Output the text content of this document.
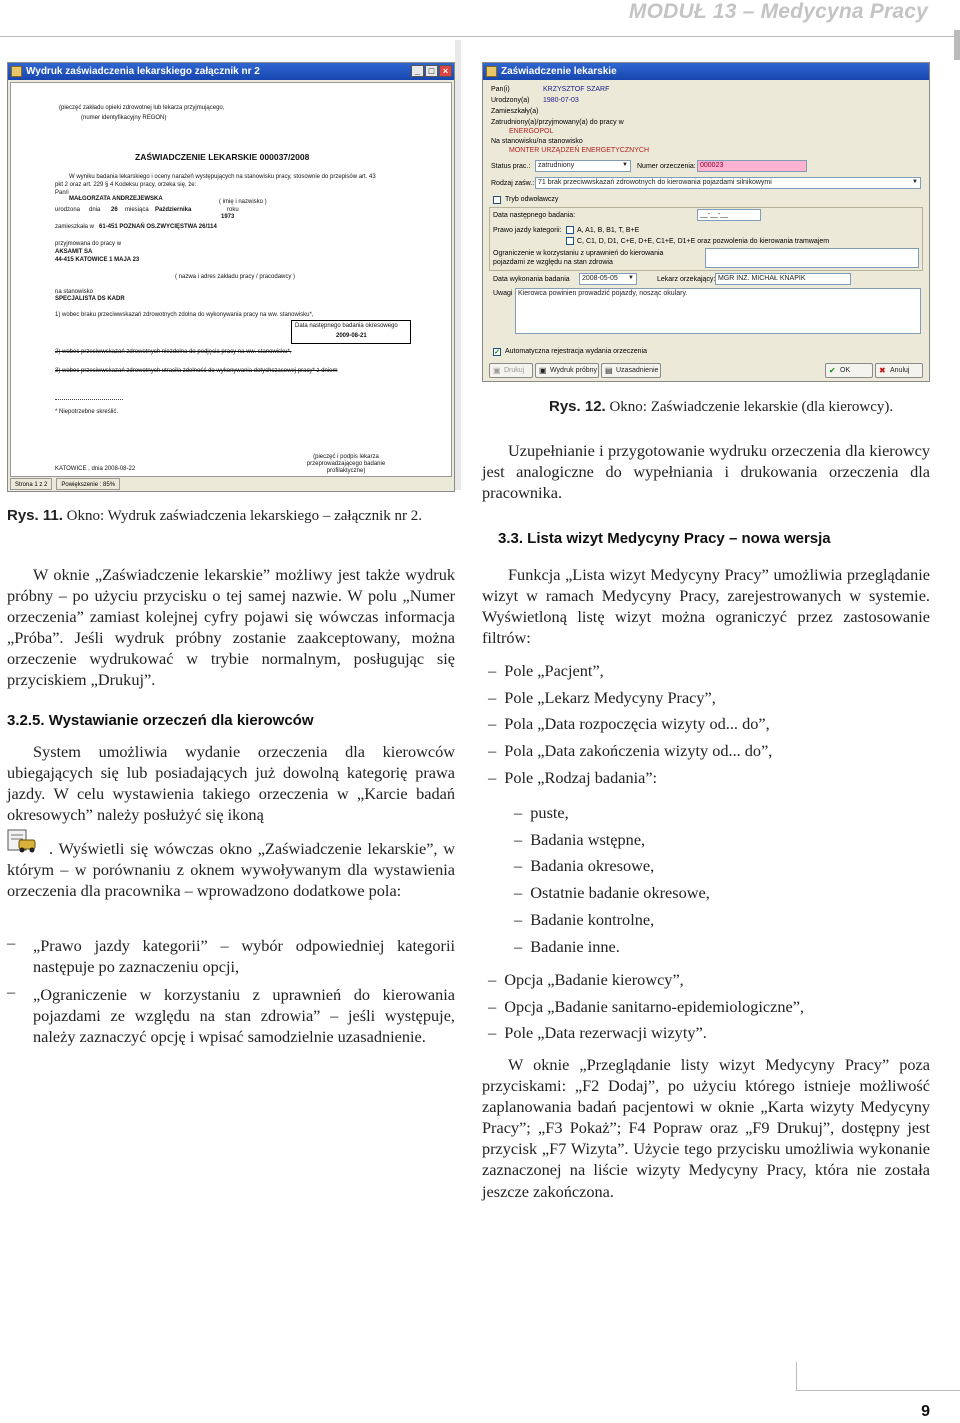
MODUŁ 13 – Medycyna Pracy
Wydruk zaświadczenia lekarskiego załącznik nr 2	_ □ ×
(pieczęć zakładu opieki zdrowotnej lub lekarza przyjmującego,
(numer identyfikacyjny REGON)
ZAŚWIADCZENIE LEKARSKIE 000037/2008
W wyniku badania lekarskiego i oceny narażeń występujących na stanowisku pracy, stosownie do przepisów art. 43
pkt 2 oraz art. 229 § 4 Kodeksu pracy, orzeka się, że:
Pan/i
MAŁGORZATA ANDRZEJEWSKA	( imię i nazwisko )
urodzona dnia 26 miesiąca Października	roku
1973
zamieszkała w 61-451 POZNAŃ OS.ZWYCIĘSTWA 26/114
przyjmowana do pracy w
AKSAMIT SA
44-415 KATOWICE 1 MAJA 23
( nazwa i adres zakładu pracy / pracodawcy )
na stanowisko
SPECJALISTA DS KADR
1) wobec braku przeciwwskazań zdrowotnych zdolna do wykonywania pracy na ww. stanowisku*,
Data następnego badania okresowego
2009-08-21
2) wobec przeciwwskazań zdrowotnych niezdolna do podjęcia pracy na ww. stanowisku*,
3) wobec przeciwwskazań zdrowotnych utraciła zdolność do wykonywania dotychczasowej pracy* z dniem
* Niepotrzebne skreślić.
(pieczęć i podpis lekarza przeprowadzającego badanie profilaktyczne)
KATOWICE , dnia 2008-08-22
Strona 1 z 2	Powiększenie : 85%
Rys. 11. Okno: Wydruk zaświadczenia lekarskiego – załącznik nr 2.
Zaświadczenie lekarskie
Pan(i)	KRZYSZTOF SZARF
Urodzony(a) 1980-07-03
Zamieszkały(a)
Zatrudniony(a)/przyjmowany(a) do pracy w
ENERGOPOL
Na stanowisku/na stanowisko
MONTER URZĄDZEŃ ENERGETYCZNYCH
Status prac.:	zatrudniony	▼ Numer orzeczenia: 000023
Rodzaj zaśw.: 71 brak przeciwwskazań zdrowotnych do kierowania pojazdami silnikowymi	▼
Tryb odwoławczy
Data następnego badania:	__-__-__
Prawo jazdy kategorii: A, A1, B, B1, T, B+E
C, C1, D, D1, C+E, D+E, C1+E, D1+E oraz pozwolenia do kierowania tramwajem
Ograniczenie w korzystaniu z uprawnień do kierowania pojazdami ze względu na stan zdrowia
Data wykonania badania	2008-05-05 ▼	Lekarz orzekający: MGR INŻ. MICHAŁ KNAPIK
Uwagi Kierowca powinien prowadzić pojazdy, nosząc okulary.
✓ Automatyczna rejestracja wydania orzeczenia
▣ Drukuj	▣ Wydruk próbny ▤ Uzasadnienie	✔ OK	✖ Anuluj
Rys. 12. Okno: Zaświadczenie lekarskie (dla kierowcy).
W oknie „Zaświadczenie lekarskie” możliwy jest także wydruk próbny – po użyciu przycisku o tej samej nazwie. W polu „Numer orzeczenia” zamiast kolejnej cyfry pojawi się wówczas informacja „Próba”. Jeśli wydruk próbny zostanie zaakceptowany, można orzeczenie wydrukować w trybie normalnym, posługując się przyciskiem „Drukuj”.
3.2.5. Wystawianie orzeczeń dla kierowców
System umożliwia wydanie orzeczenia dla kierowców ubiegających się lub posiadających już dowolną kategorię prawa jazdy. W celu wystawienia takiego orzeczenia w „Karcie badań okresowych” należy posłużyć się ikoną
. Wyświetli się wówczas okno „Zaświadczenie lekarskie”, w którym – w porównaniu z oknem wywoływanym dla wystawienia orzeczenia dla pracownika – wprowadzono dodatkowe pola:
– „Prawo jazdy kategorii” – wybór odpowiedniej kategorii następuje po zaznaczeniu opcji,
– „Ograniczenie w korzystaniu z uprawnień do kierowania pojazdami ze względu na stan zdrowia” – jeśli występuje, należy zaznaczyć opcję i wpisać samodzielnie uzasadnienie.
Uzupełnianie i przygotowanie wydruku orzeczenia dla kierowcy jest analogiczne do wypełniania i drukowania orzeczenia dla pracownika.
3.3. Lista wizyt Medycyny Pracy – nowa wersja
Funkcja „Lista wizyt Medycyny Pracy” umożliwia przeglądanie wizyt w ramach Medycyny Pracy, zarejestrowanych w systemie. Wyświetloną listę wizyt można ograniczyć przez zastosowanie filtrów:
–  Pole „Pacjent”,
–  Pole „Lekarz Medycyny Pracy”,
–  Pola „Data rozpoczęcia wizyty od... do”,
–  Pola „Data zakończenia wizyty od... do”,
–  Pole „Rodzaj badania”:
–  puste,
–  Badania wstępne,
–  Badania okresowe,
–  Ostatnie badanie okresowe,
–  Badanie kontrolne,
–  Badanie inne.
–  Opcja „Badanie kierowcy”,
–  Opcja „Badanie sanitarno-epidemiologiczne”,
–  Pole „Data rezerwacji wizyty”.
W oknie „Przeglądanie listy wizyt Medycyny Pracy” poza przyciskami: „F2 Dodaj”, po użyciu którego istnieje możliwość zaplanowania badań pacjentowi w oknie „Karta wizyty Medycyny Pracy”; „F3 Pokaż”; F4 Popraw oraz „F9 Drukuj”, dostępny jest przycisk „F7 Wizyta”. Użycie tego przycisku umożliwia wykonanie zaznaczonej na liście wizyty Medycyny Pracy, która nie została jeszcze zakończona.
9
